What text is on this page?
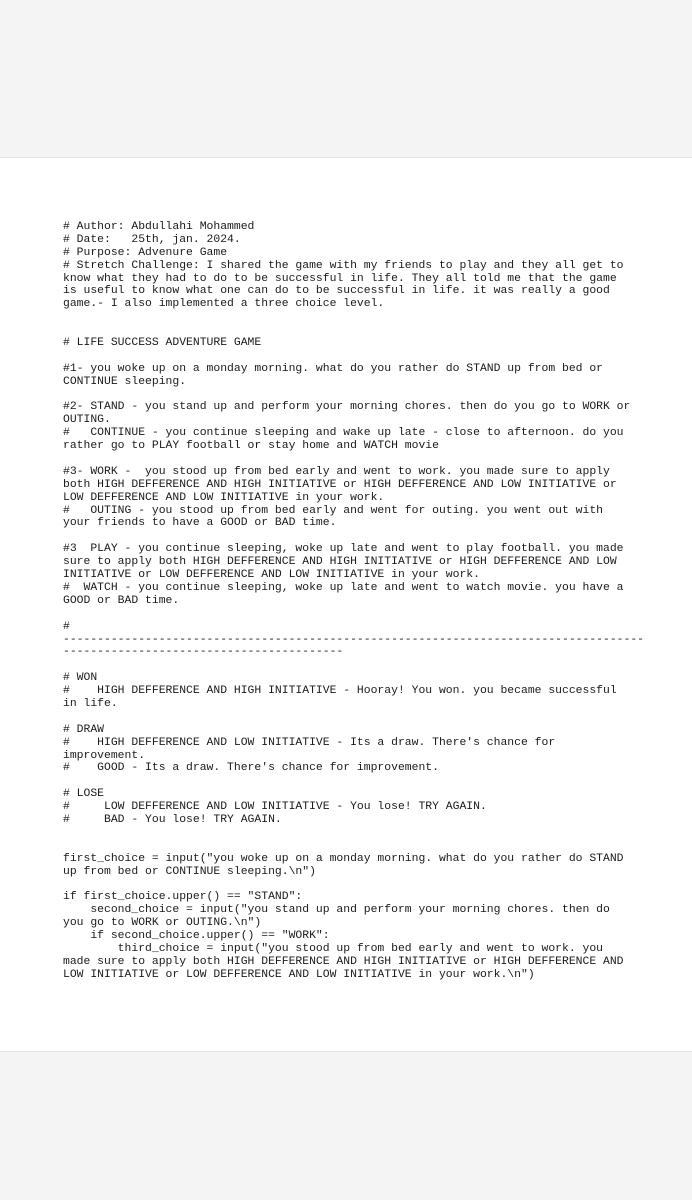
# Author: Abdullahi Mohammed
# Date:   25th, jan. 2024.
# Purpose: Advenure Game
# Stretch Challenge: I shared the game with my friends to play and they all get to
know what they had to do to be successful in life. They all told me that the game
is useful to know what one can do to be successful in life. it was really a good
game.- I also implemented a three choice level.
# LIFE SUCCESS ADVENTURE GAME
#1- you woke up on a monday morning. what do you rather do STAND up from bed or
CONTINUE sleeping.
#2- STAND - you stand up and perform your morning chores. then do you go to WORK or
OUTING.
#   CONTINUE - you continue sleeping and wake up late - close to afternoon. do you
rather go to PLAY football or stay home and WATCH movie
#3- WORK -  you stood up from bed early and went to work. you made sure to apply
both HIGH DEFFERENCE AND HIGH INITIATIVE or HIGH DEFFERENCE AND LOW INITIATIVE or
LOW DEFFERENCE AND LOW INITIATIVE in your work.
#   OUTING - you stood up from bed early and went for outing. you went out with
your friends to have a GOOD or BAD time.
#3  PLAY - you continue sleeping, woke up late and went to play football. you made
sure to apply both HIGH DEFFERENCE AND HIGH INITIATIVE or HIGH DEFFERENCE AND LOW
INITIATIVE or LOW DEFFERENCE AND LOW INITIATIVE in your work.
#  WATCH - you continue sleeping, woke up late and went to watch movie. you have a
GOOD or BAD time.
#
-------------------------------------------------------------------------------------
-----------------------------------------
# WON
#    HIGH DEFFERENCE AND HIGH INITIATIVE - Hooray! You won. you became successful
in life.
# DRAW
#    HIGH DEFFERENCE AND LOW INITIATIVE - Its a draw. There's chance for
improvement.
#    GOOD - Its a draw. There's chance for improvement.
# LOSE
#     LOW DEFFERENCE AND LOW INITIATIVE - You lose! TRY AGAIN.
#     BAD - You lose! TRY AGAIN.
first_choice = input("you woke up on a monday morning. what do you rather do STAND
up from bed or CONTINUE sleeping.\n")
if first_choice.upper() == "STAND":
second_choice = input("you stand up and perform your morning chores. then do
you go to WORK or OUTING.\n")
if second_choice.upper() == "WORK":
third_choice = input("you stood up from bed early and went to work. you
made sure to apply both HIGH DEFFERENCE AND HIGH INITIATIVE or HIGH DEFFERENCE AND
LOW INITIATIVE or LOW DEFFERENCE AND LOW INITIATIVE in your work.\n")
